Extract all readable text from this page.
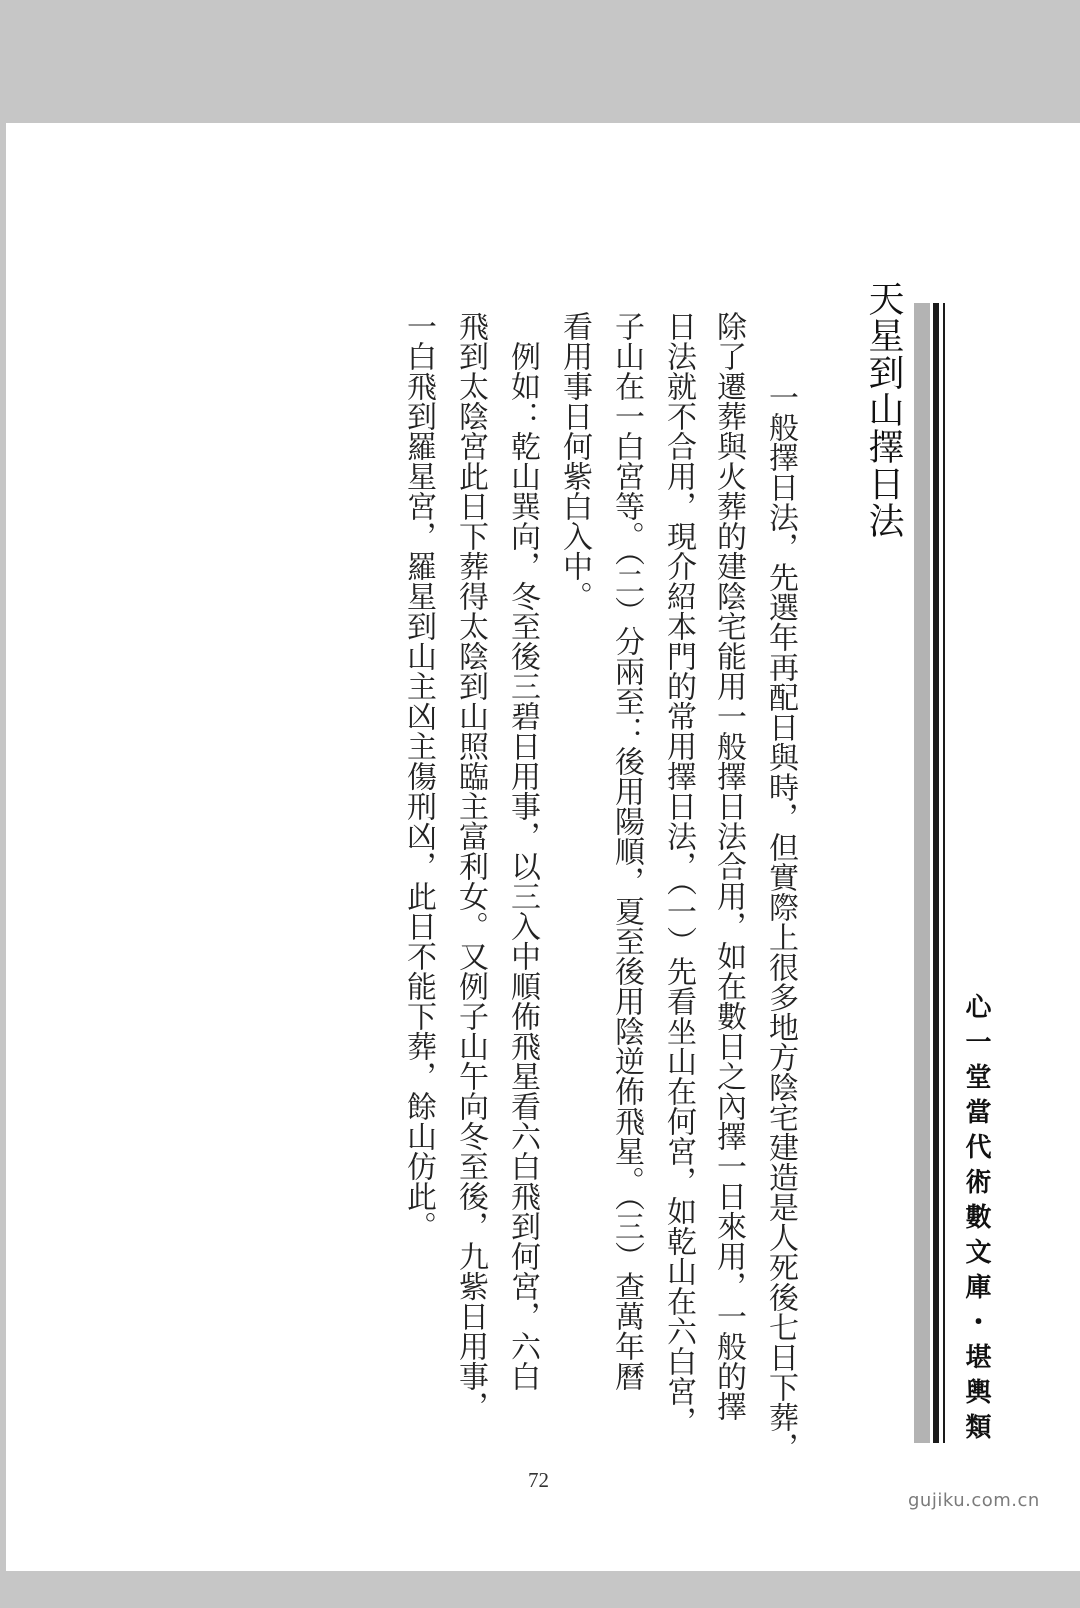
心一堂當代術數文庫・堪輿類
天星到山擇日法
　一般擇日法，先選年再配日與時，但實際上很多地方陰宅建造是人死後七日下葬，
除了遷葬與火葬的建陰宅能用一般擇日法合用，如在數日之內擇一日來用，一般的擇
日法就不合用，現介紹本門的常用擇日法，（一）先看坐山在何宮，如乾山在六白宮，
子山在一白宮等。（二）分兩至：後用陽順，夏至後用陰逆佈飛星。（三）查萬年曆
看用事日何紫白入中。
　例如：乾山巽向，冬至後三碧日用事，以三入中順佈飛星看六白飛到何宮，六白
飛到太陰宮此日下葬得太陰到山照臨主富利女。又例子山午向冬至後，九紫日用事，
一白飛到羅星宮，羅星到山主凶主傷刑凶，此日不能下葬，餘山仿此。
72
gujiku.com.cn
